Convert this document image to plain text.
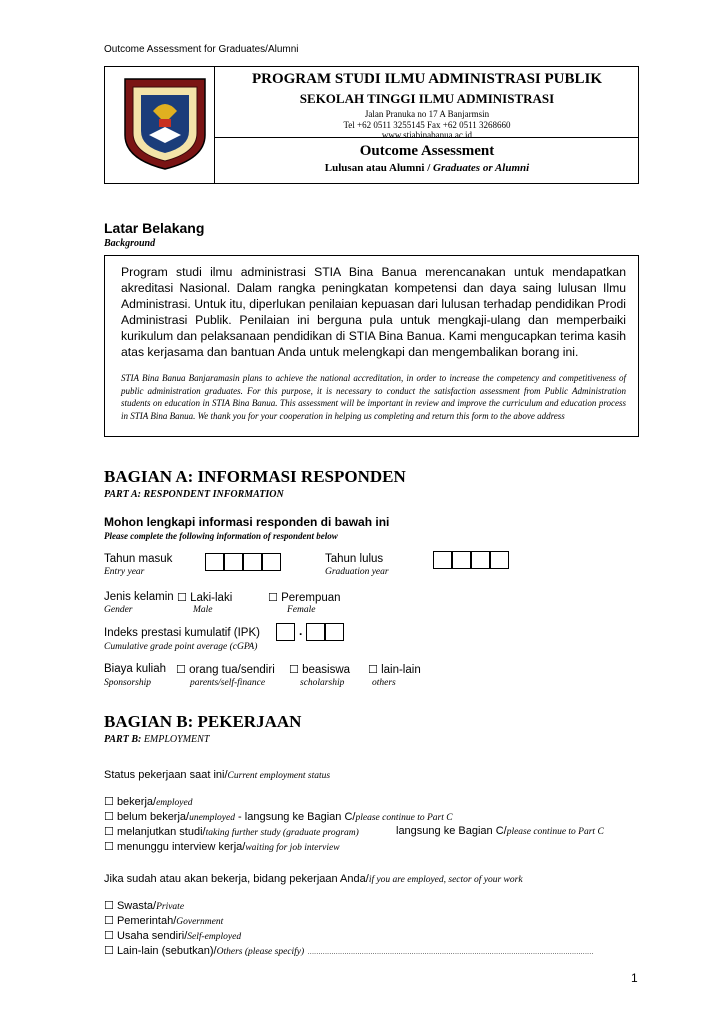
Outcome Assessment for Graduates/Alumni
PROGRAM STUDI ILMU ADMINISTRASI PUBLIK
SEKOLAH TINGGI ILMU ADMINISTRASI
Jalan Pranuka no 17 A Banjarmsin
Tel +62 0511 3255145 Fax +62 0511 3268660
www.stiabinabanua.ac.id
Outcome Assessment
Lulusan atau Alumni / Graduates or Alumni
Latar Belakang
Background
Program studi ilmu administrasi STIA Bina Banua merencanakan untuk mendapatkan akreditasi Nasional. Dalam rangka peningkatan kompetensi dan daya saing lulusan Ilmu Administrasi. Untuk itu, diperlukan penilaian kepuasan dari lulusan terhadap pendidikan Prodi Administrasi Publik. Penilaian ini berguna pula untuk mengkaji-ulang dan memperbaiki kurikulum dan pelaksanaan pendidikan di STIA Bina Banua. Kami mengucapkan terima kasih atas kerjasama dan bantuan Anda untuk melengkapi dan mengembalikan borang ini.
STIA Bina Banua Banjaramasin plans to achieve the national accreditation, in order to increase the competency and competitiveness of public administration graduates. For this purpose, it is necessary to conduct the satisfaction assessment from Public Administration students on education in STIA Bina Banua. This assessment will be important in review and improve the curriculum and education process in STIA Bina Banua. We thank you for your cooperation in helping us completing and return this form to the above address
BAGIAN A: INFORMASI RESPONDEN
PART A: RESPONDENT INFORMATION
Mohon lengkapi informasi responden di bawah ini
Please complete the following information of respondent below
Tahun masuk
Entry year
Tahun lulus
Graduation year
Jenis kelamin
Gender
☐ Laki-laki
Male
☐ Perempuan
Female
Indeks prestasi kumulatif (IPK)
Cumulative grade point average (cGPA)
.
Biaya kuliah
Sponsorship
☐ orang tua/sendiri
parents/self-finance
☐ beasiswa
scholarship
☐ lain-lain
others
BAGIAN B: PEKERJAAN
PART B: EMPLOYMENT
Status pekerjaan saat ini/Current employment status
☐ bekerja/employed
☐ belum bekerja/unemployed - langsung ke Bagian C/please continue to Part C
☐ melanjutkan studi/taking further study (graduate program)	langsung ke Bagian C/please continue to Part C
☐ menunggu interview kerja/waiting for job interview
Jika sudah atau akan bekerja, bidang pekerjaan Anda/if you are employed, sector of your work
☐ Swasta/Private
☐ Pemerintah/Government
☐ Usaha sendiri/Self-employed
☐ Lain-lain (sebutkan)/Others (please specify) ……………………………………………………………………………………………………………………
1
